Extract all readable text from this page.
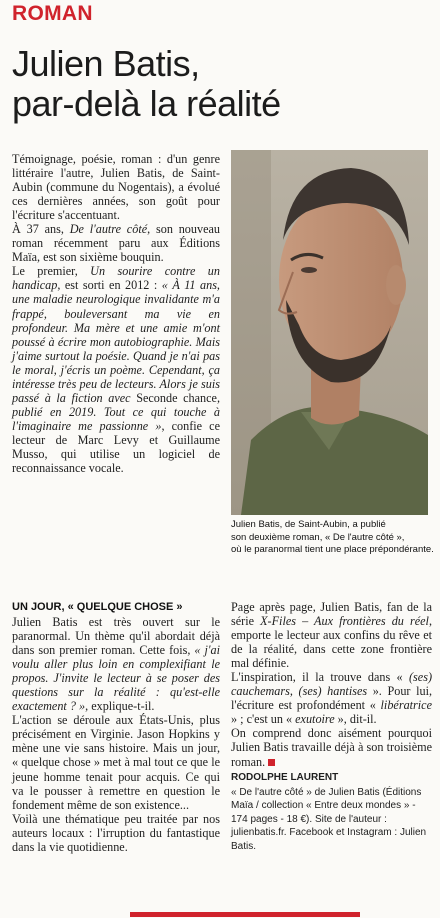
ROMAN
Julien Batis,
par-delà la réalité

Témoignage, poésie, roman : d'un genre littéraire l'autre, Julien Batis, de Saint-Aubin (commune du Nogentais), a évolué ces dernières années, son goût pour l'écriture s'accentuant.

À 37 ans, De l'autre côté, son nouveau roman récemment paru aux Éditions Maïa, est son sixième bouquin.

Le premier, Un sourire contre un handicap, est sorti en 2012 : « À 11 ans, une maladie neurologique invalidante m'a frappé, bouleversant ma vie en profondeur. Ma mère et une amie m'ont poussé à écrire mon autobiographie. Mais j'aime surtout la poésie. Quand je n'ai pas le moral, j'écris un poème. Cependant, ça intéresse très peu de lecteurs. Alors je suis passé à la fiction avec Seconde chance, publié en 2019. Tout ce qui touche à l'imaginaire me passionne », confie ce lecteur de Marc Levy et Guillaume Musso, qui utilise un logiciel de reconnaissance vocale.

Julien Batis, de Saint-Aubin, a publié
son deuxième roman, « De l'autre côté »,
où le paranormal tient une place prépondérante.
UN JOUR, « QUELQUE CHOSE »

Julien Batis est très ouvert sur le paranormal. Un thème qu'il abordait déjà dans son premier roman. Cette fois, « j'ai voulu aller plus loin en complexifiant le propos. J'invite le lecteur à se poser des questions sur la réalité : qu'est-elle exactement ? », explique-t-il.

L'action se déroule aux États-Unis, plus précisément en Virginie. Jason Hopkins y mène une vie sans histoire. Mais un jour, « quelque chose » met à mal tout ce que le jeune homme tenait pour acquis. Ce qui va le pousser à remettre en question le fondement même de son existence...

Voilà une thématique peu traitée par nos auteurs locaux : l'irruption du fantastique dans la vie quotidienne.

Page après page, Julien Batis, fan de la série X-Files – Aux frontières du réel, emporte le lecteur aux confins du rêve et de la réalité, dans cette zone frontière mal définie.

L'inspiration, il la trouve dans « (ses) cauchemars, (ses) hantises ». Pour lui, l'écriture est profondément « libératrice » ; c'est un « exutoire », dit-il.

On comprend donc aisément pourquoi Julien Batis travaille déjà à son troisième roman.

RODOLPHE LAURENT
« De l'autre côté » de Julien Batis (Éditions Maïa / collection « Entre deux mondes » - 174 pages - 18 €). Site de l'auteur : julienbatis.fr. Facebook et Instagram : Julien Batis.
